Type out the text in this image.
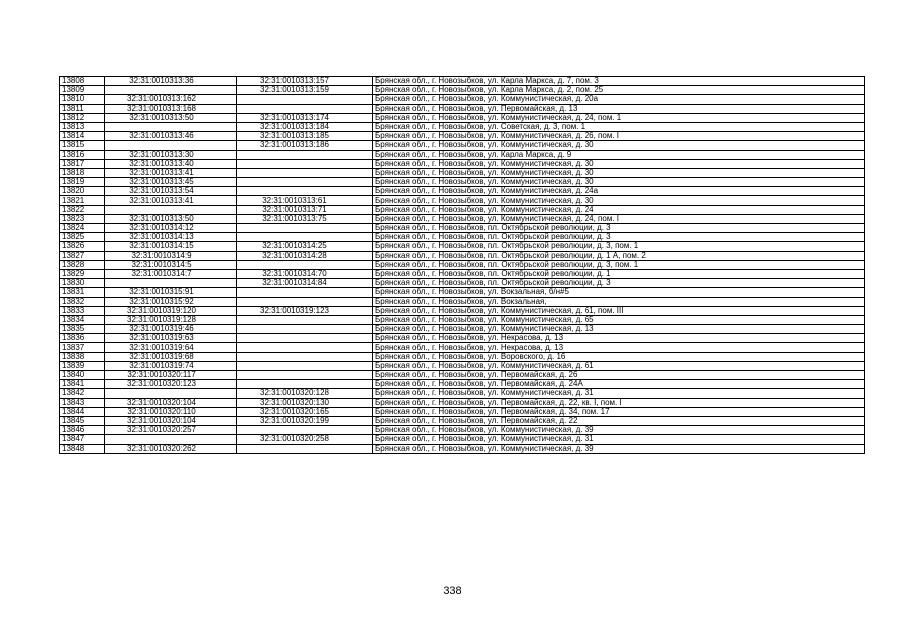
13808	32:31:0010313:36	32:31:0010313:157	Брянская обл., г. Новозыбков, ул. Карла Маркса, д. 7, пом. 3
13809		32:31:0010313:159	Брянская обл., г. Новозыбков, ул. Карла Маркса, д. 2, пом. 25
13810	32:31:0010313:162		Брянская обл., г. Новозыбков, ул. Коммунистическая, д. 20а
13811	32:31:0010313:168		Брянская обл., г. Новозыбков, ул. Первомайская, д. 13
13812	32:31:0010313:50	32:31:0010313:174	Брянская обл., г. Новозыбков, ул. Коммунистическая, д. 24, пом. 1
13813		32:31:0010313:184	Брянская обл., г. Новозыбков, ул. Советская, д. 3, пом. 1
13814	32:31:0010313:46	32:31:0010313:185	Брянская обл., г. Новозыбков, ул. Коммунистическая, д. 26, пом. I
13815		32:31:0010313:186	Брянская обл., г. Новозыбков, ул. Коммунистическая, д. 30
13816	32:31:0010313:30		Брянская обл., г. Новозыбков, ул. Карла Маркса, д. 9
13817	32:31:0010313:40		Брянская обл., г. Новозыбков, ул. Коммунистическая, д. 30
13818	32:31:0010313:41		Брянская обл., г. Новозыбков, ул. Коммунистическая, д. 30
13819	32:31:0010313:45		Брянская обл., г. Новозыбков, ул. Коммунистическая, д. 30
13820	32:31:0010313:54		Брянская обл., г. Новозыбков, ул. Коммунистическая, д. 24а
13821	32:31:0010313:41	32:31:0010313:61	Брянская обл., г. Новозыбков, ул. Коммунистическая, д. 30
13822		32:31:0010313:71	Брянская обл., г. Новозыбков, ул. Коммунистическая, д. 24
13823	32:31:0010313:50	32:31:0010313:75	Брянская обл., г. Новозыбков, ул. Коммунистическая, д. 24, пом. I
13824	32:31:0010314:12		Брянская обл., г. Новозыбков, пл. Октябрьской революции, д. 3
13825	32:31:0010314:13		Брянская обл., г. Новозыбков, пл. Октябрьской революции, д. 3
13826	32:31:0010314:15	32:31:0010314:25	Брянская обл., г. Новозыбков, пл. Октябрьской революции, д. 3, пом. 1
13827	32:31:0010314:9	32:31:0010314:28	Брянская обл., г. Новозыбков, пл. Октябрьской революции, д. 1 А, пом. 2
13828	32:31:0010314:5		Брянская обл., г. Новозыбков, пл. Октябрьской революции, д. 3, пом. 1
13829	32:31:0010314:7	32:31:0010314:70	Брянская обл., г. Новозыбков, пл. Октябрьской революции, д. 1
13830		32:31:0010314:84	Брянская обл., г. Новозыбков, пл. Октябрьской революции, д. 3
13831	32:31:0010315:91		Брянская обл., г. Новозыбков, ул. Вокзальная, б/н#5
13832	32:31:0010315:92		Брянская обл., г. Новозыбков, ул. Вокзальная,
13833	32:31:0010319:120	32:31:0010319:123	Брянская обл., г. Новозыбков, ул. Коммунистическая, д. 61, пом. III
13834	32:31:0010319:128		Брянская обл., г. Новозыбков, ул. Коммунистическая, д. 65
13835	32:31:0010319:46		Брянская обл., г. Новозыбков, ул. Коммунистическая, д. 13
13836	32:31:0010319:63		Брянская обл., г. Новозыбков, ул. Некрасова, д. 13
13837	32:31:0010319:64		Брянская обл., г. Новозыбков, ул. Некрасова, д. 13
13838	32:31:0010319:68		Брянская обл., г. Новозыбков, ул. Воровского, д. 16
13839	32:31:0010319:74		Брянская обл., г. Новозыбков, ул. Коммунистическая, д. 61
13840	32:31:0010320:117		Брянская обл., г. Новозыбков, ул. Первомайская, д. 26
13841	32:31:0010320:123		Брянская обл., г. Новозыбков, ул. Первомайская, д. 24А
13842		32:31:0010320:128	Брянская обл., г. Новозыбков, ул. Коммунистическая, д. 31
13843	32:31:0010320:104	32:31:0010320:130	Брянская обл., г. Новозыбков, ул. Первомайская, д. 22, кв. I, пом. I
13844	32:31:0010320:110	32:31:0010320:165	Брянская обл., г. Новозыбков, ул. Первомайская, д. 34, пом. 17
13845	32:31:0010320:104	32:31:0010320:199	Брянская обл., г. Новозыбков, ул. Первомайская, д. 22
13846	32:31:0010320:257		Брянская обл., г. Новозыбков, ул. Коммунистическая, д. 39
13847		32:31:0010320:258	Брянская обл., г. Новозыбков, ул. Коммунистическая, д. 31
13848	32:31:0010320:262		Брянская обл., г. Новозыбков, ул. Коммунистическая, д. 39
338
